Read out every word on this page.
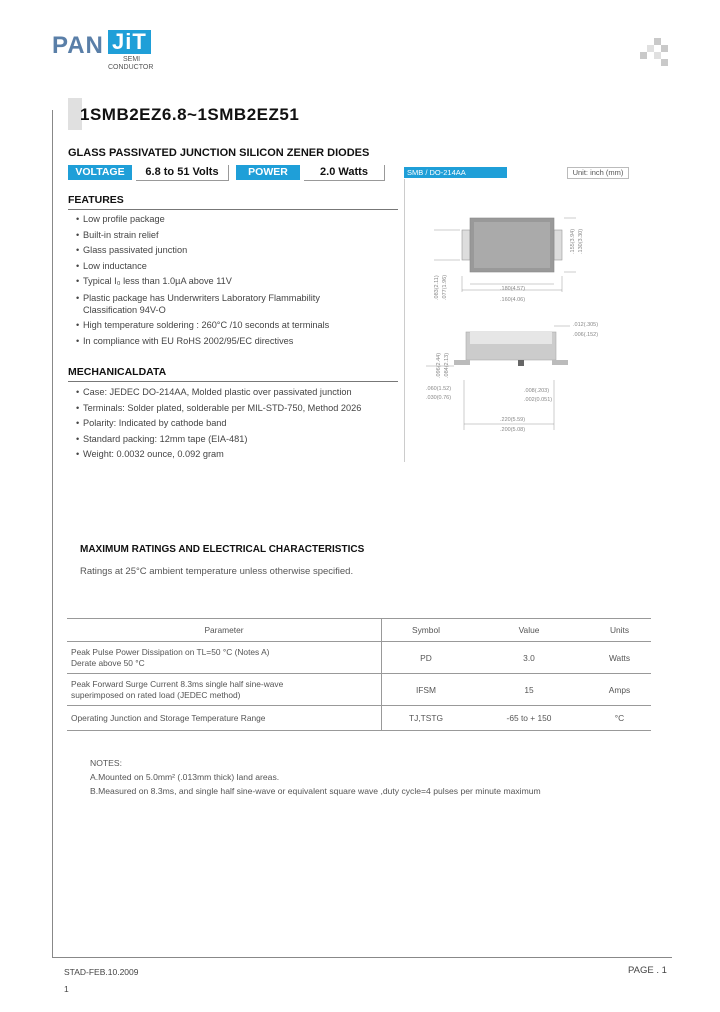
PAN JiT
SEMI
CONDUCTOR
1SMB2EZ6.8~1SMB2EZ51
GLASS PASSIVATED JUNCTION SILICON ZENER DIODES
VOLTAGE	6.8 to 51 Volts	POWER	2.0 Watts
FEATURES
• Low profile package
• Built-in strain relief
• Glass passivated junction
• Low inductance
• Typical I₀ less than 1.0µA above 11V
• Plastic package has Underwriters Laboratory Flammability Classification 94V-O
• High temperature soldering : 260°C /10 seconds at terminals
• In compliance with EU RoHS 2002/95/EC directives
MECHANICALDATA
• Case: JEDEC DO-214AA, Molded plastic over passivated junction
• Terminals: Solder plated, solderable per MIL-STD-750, Method 2026
• Polarity: Indicated by cathode band
• Standard packing: 12mm tape (EIA-481)
• Weight: 0.0032 ounce, 0.092 gram
SMB / DO-214AA	Unit: inch (mm)
.155(3.94) .130(3.30)
.083(2.11) .077(1.96)	.180(4.57)
.160(4.06)
.012(.305)
.006(.152)
.096(2.44) .084(2.13)
.060(1.52)
.030(0.76)
.008(.203)
.002(0.051)
.220(5.59)
.200(5.08)
MAXIMUM RATINGS AND ELECTRICAL CHARACTERISTICS
Ratings at 25°C ambient temperature unless otherwise specified.
Parameter	Symbol	Value	Units
Peak Pulse Power Dissipation on TL=50 °C (Notes A)
Derate above 50 °C	PD	3.0	Watts
Peak Forward Surge Current 8.3ms single half sine-wave
superimposed on rated load (JEDEC method)	IFSM	15	Amps
Operating Junction and Storage Temperature Range	TJ,TSTG	-65 to + 150	°C
NOTES:
A.Mounted on 5.0mm² (.013mm thick) land areas.
B.Measured on 8.3ms, and single half sine-wave or equivalent square wave ,duty cycle=4 pulses per minute maximum
STAD-FEB.10.2009
1
PAGE . 1
